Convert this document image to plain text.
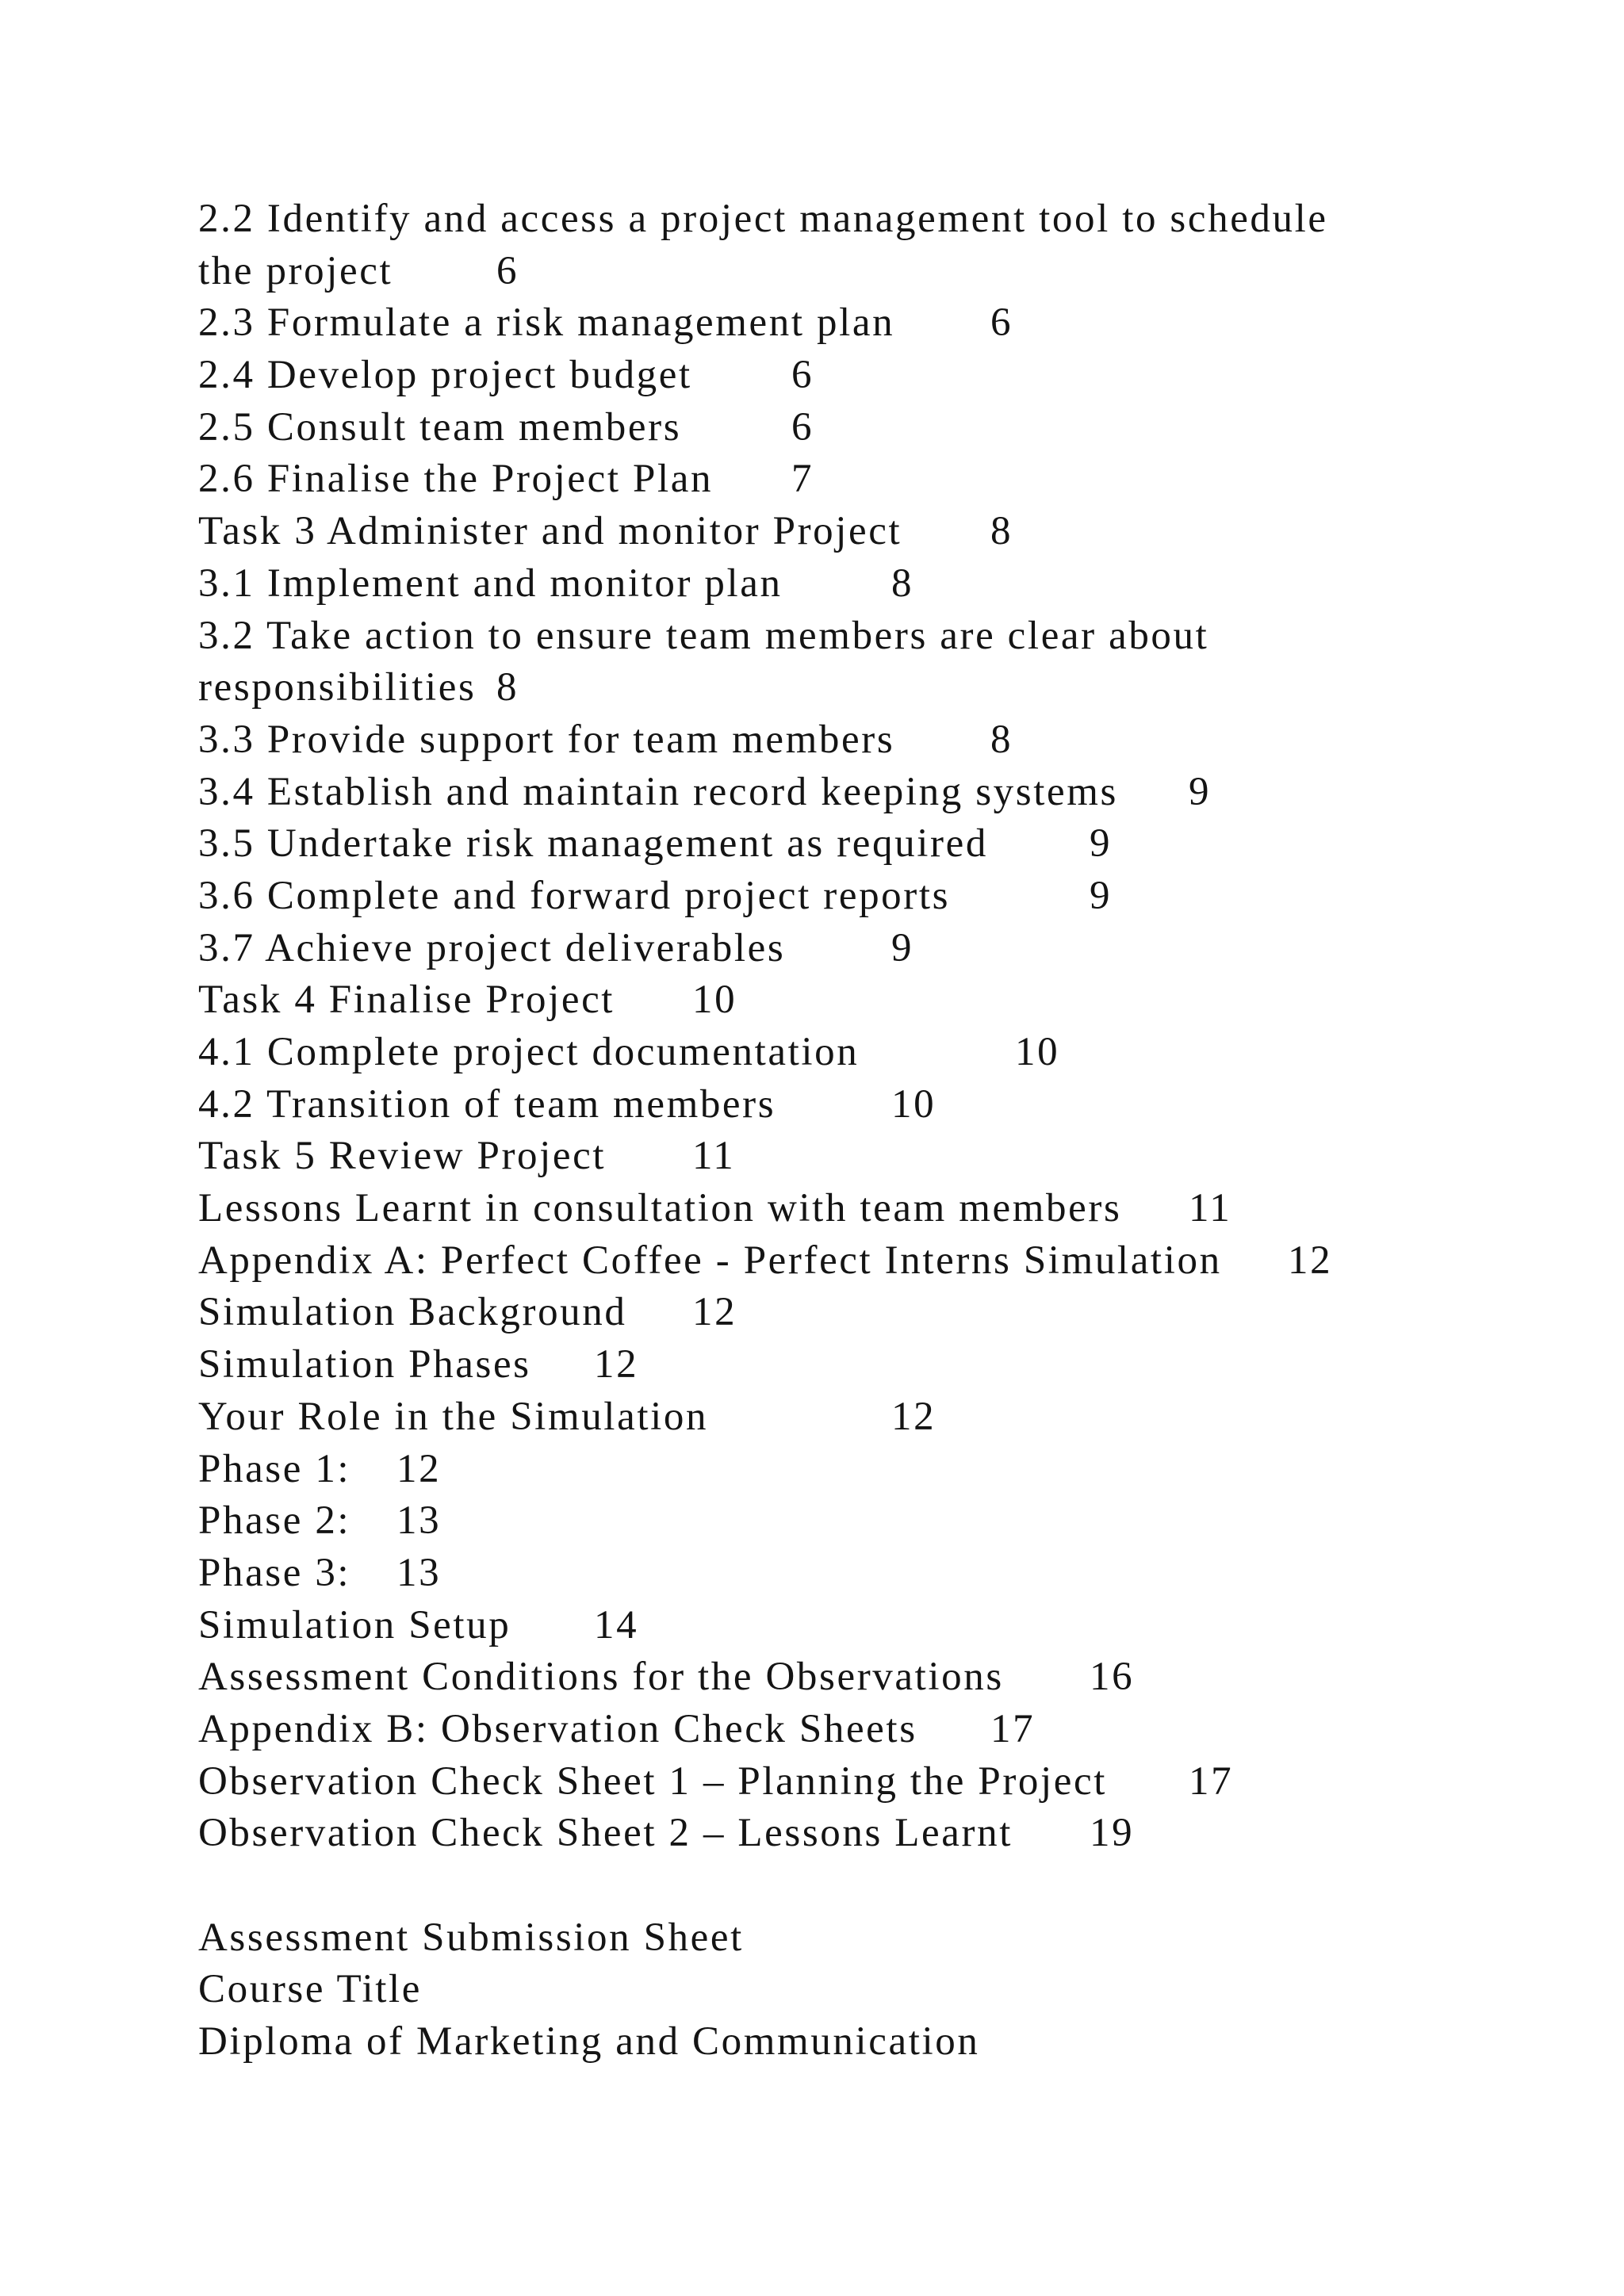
2.2 Identify and access a project management tool to schedule
the project	6
2.3 Formulate a risk management plan	6
2.4 Develop project budget	6
2.5 Consult team members	6
2.6 Finalise the Project Plan	7
Task 3 Administer and monitor Project	8
3.1 Implement and monitor plan	8
3.2 Take action to ensure team members are clear about
responsibilities 8
3.3 Provide support for team members	8
3.4 Establish and maintain record keeping systems	9
3.5 Undertake risk management as required	9
3.6 Complete and forward project reports	9
3.7 Achieve project deliverables	9
Task 4 Finalise Project	10
4.1 Complete project documentation	10
4.2 Transition of team members	10
Task 5 Review Project	11
Lessons Learnt in consultation with team members	11
Appendix A: Perfect Coffee - Perfect Interns Simulation	12
Simulation Background	12
Simulation Phases	12
Your Role in the Simulation	12
Phase 1:	12
Phase 2:	13
Phase 3:	13
Simulation Setup	14
Assessment Conditions for the Observations	16
Appendix B: Observation Check Sheets	17
Observation Check Sheet 1 – Planning the Project	17
Observation Check Sheet 2 – Lessons Learnt	19
Assessment Submission Sheet
Course Title
Diploma of Marketing and Communication
